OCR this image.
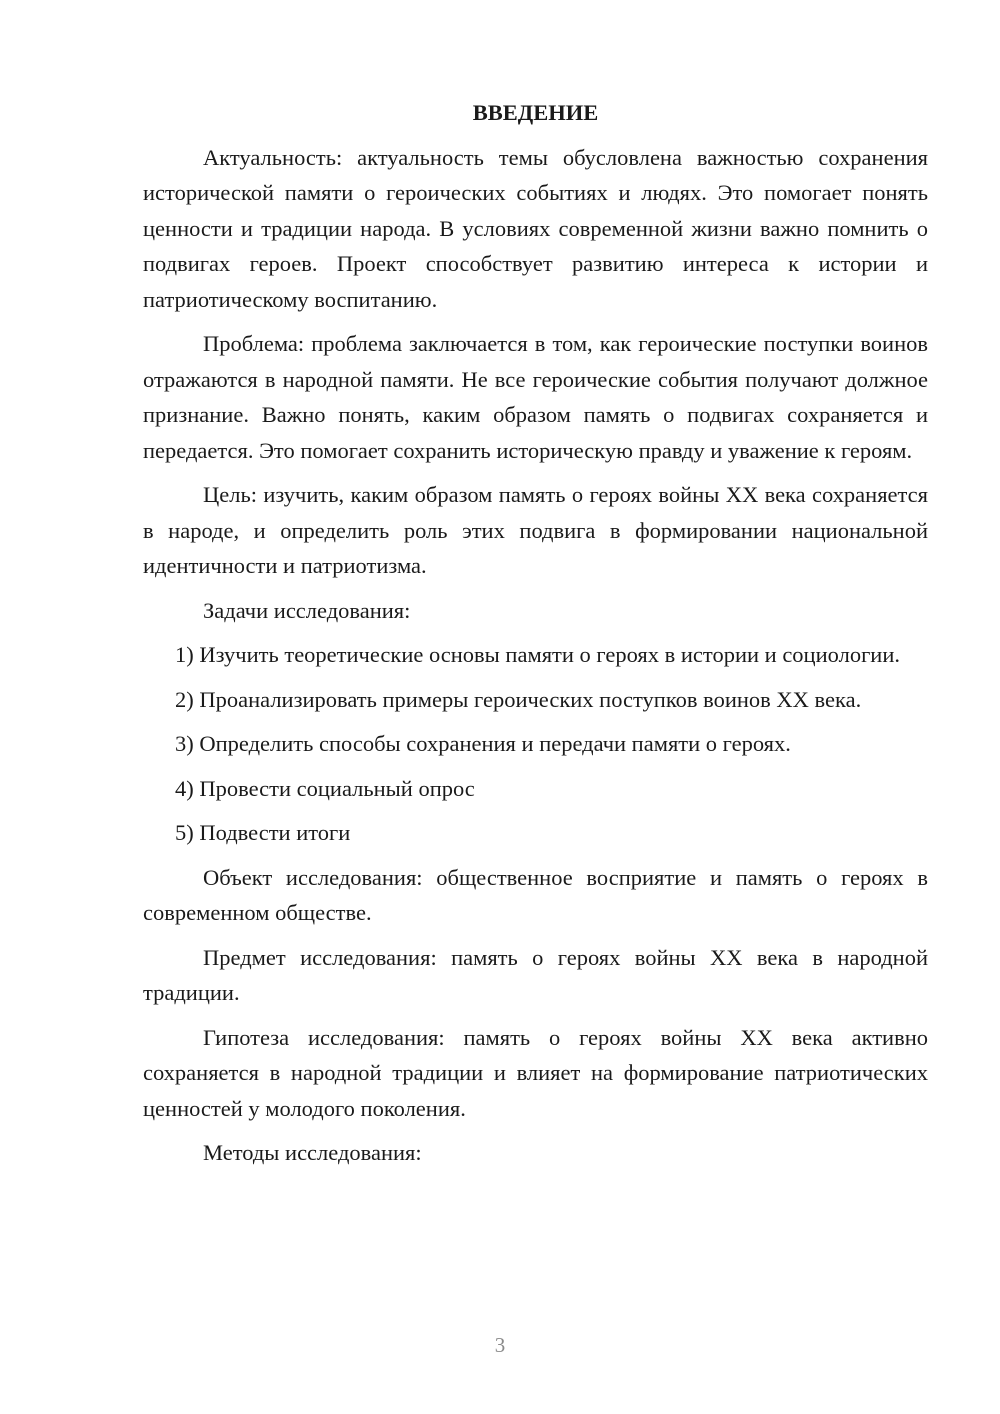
ВВЕДЕНИЕ

Актуальность: актуальность темы обусловлена важностью сохранения исторической памяти о героических событиях и людях. Это помогает понять ценности и традиции народа. В условиях современной жизни важно помнить о подвигах героев. Проект способствует развитию интереса к истории и патриотическому воспитанию.

Проблема: проблема заключается в том, как героические поступки воинов отражаются в народной памяти. Не все героические события получают должное признание. Важно понять, каким образом память о подвигах сохраняется и передается. Это помогает сохранить историческую правду и уважение к героям.

Цель: изучить, каким образом память о героях войны XX века сохраняется в народе, и определить роль этих подвига в формировании национальной идентичности и патриотизма.

Задачи исследования:

1) Изучить теоретические основы памяти о героях в истории и социологии.

2) Проанализировать примеры героических поступков воинов XX века.

3) Определить способы сохранения и передачи памяти о героях.

4) Провести социальный опрос

5) Подвести итоги

Объект исследования: общественное восприятие и память о героях в современном обществе.

Предмет исследования: память о героях войны XX века в народной традиции.

Гипотеза исследования: память о героях войны XX века активно сохраняется в народной традиции и влияет на формирование патриотических ценностей у молодого поколения.

Методы исследования:

3
